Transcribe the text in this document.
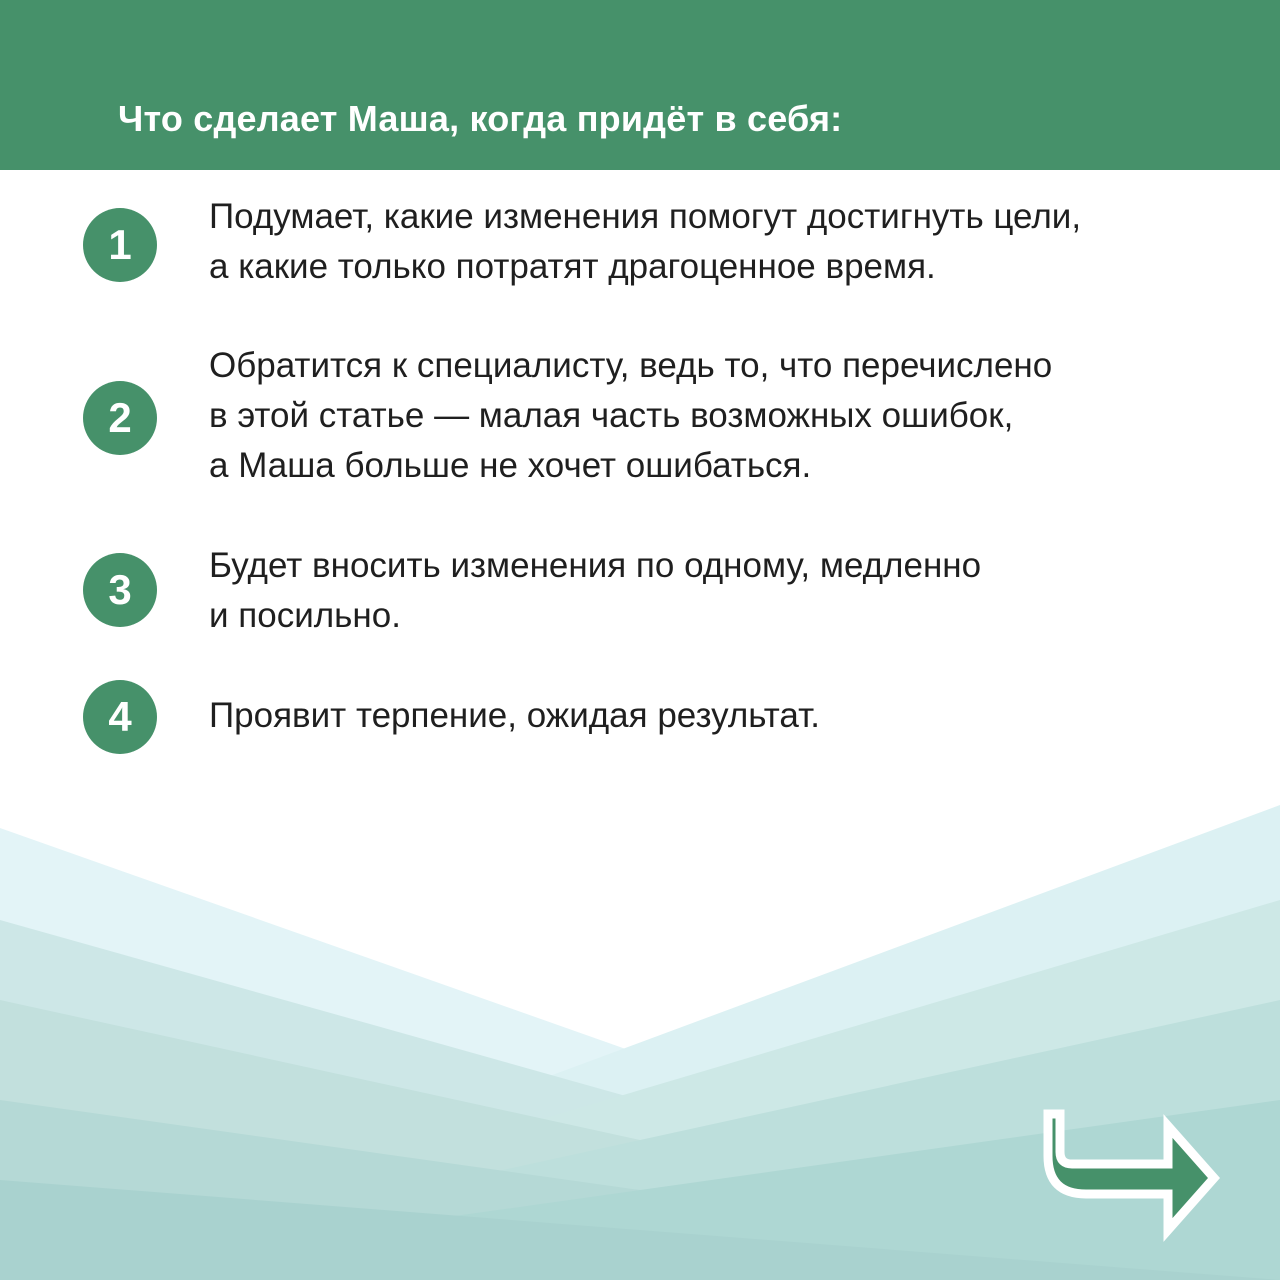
Что сделает Маша, когда придёт в себя:
1
Подумает, какие изменения помогут достигнуть цели,
а какие только потратят драгоценное время.
2
Обратится к специалисту, ведь то, что перечислено
в этой статье — малая часть возможных ошибок,
а Маша больше не хочет ошибаться.
3
Будет вносить изменения по одному, медленно
и посильно.
4	Проявит терпение, ожидая результат.
